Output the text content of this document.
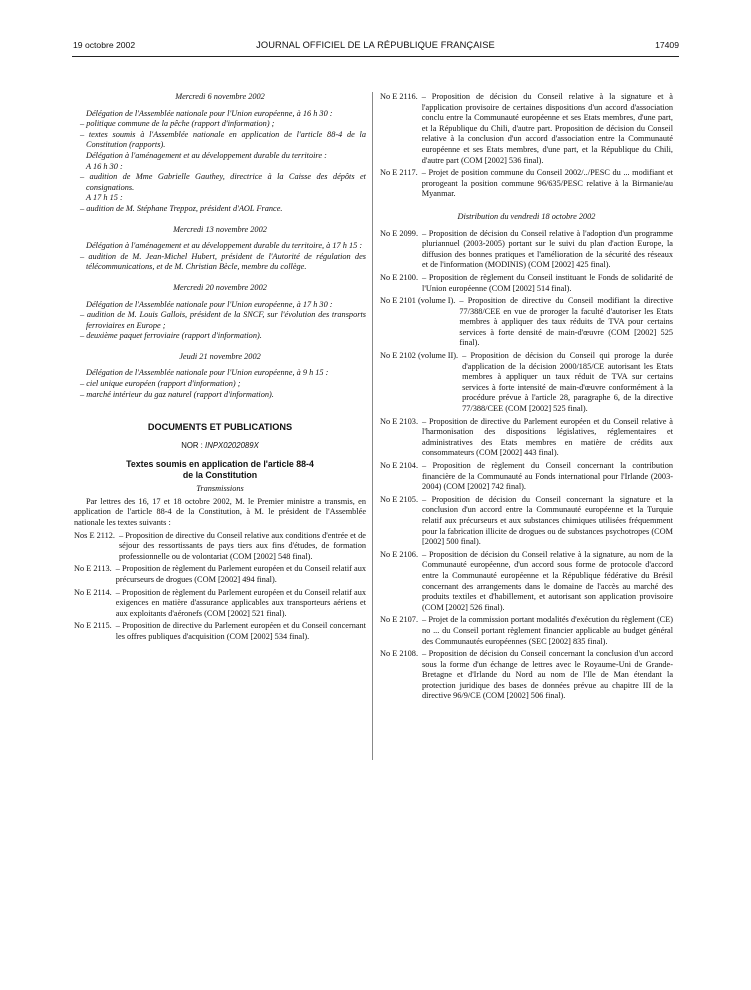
19 octobre 2002	JOURNAL OFFICIEL DE LA RÉPUBLIQUE FRANÇAISE	17409

Mercredi 6 novembre 2002

Délégation de l'Assemblée nationale pour l'Union européenne, à 16 h 30 :

– politique commune de la pêche (rapport d'information) ;

– textes soumis à l'Assemblée nationale en application de l'article 88-4 de la Constitution (rapports).

Délégation à l'aménagement et au développement durable du territoire :

A 16 h 30 :

– audition de Mme Gabrielle Gauthey, directrice à la Caisse des dépôts et consignations.

A 17 h 15 :

– audition de M. Stéphane Treppoz, président d'AOL France.

Mercredi 13 novembre 2002

Délégation à l'aménagement et au développement durable du territoire, à 17 h 15 :

– audition de M. Jean-Michel Hubert, président de l'Autorité de régulation des télécommunications, et de M. Christian Bècle, membre du collège.

Mercredi 20 novembre 2002

Délégation de l'Assemblée nationale pour l'Union européenne, à 17 h 30 :

– audition de M. Louis Gallois, président de la SNCF, sur l'évolution des transports ferroviaires en Europe ;

– deuxième paquet ferroviaire (rapport d'information).

Jeudi 21 novembre 2002

Délégation de l'Assemblée nationale pour l'Union européenne, à 9 h 15 :

– ciel unique européen (rapport d'information) ;

– marché intérieur du gaz naturel (rapport d'information).

DOCUMENTS ET PUBLICATIONS

NOR : INPX0202089X

Textes soumis en application de l'article 88-4

de la Constitution

Transmissions

Par lettres des 16, 17 et 18 octobre 2002, M. le Premier ministre a transmis, en application de l'article 88-4 de la Constitution, à M. le président de l'Assemblée nationale les textes suivants :

Nos E 2112. – Proposition de directive du Conseil relative aux conditions d'entrée et de séjour des ressortissants de pays tiers aux fins d'études, de formation professionnelle ou de volontariat (COM [2002] 548 final).
No E 2113. – Proposition de règlement du Parlement européen et du Conseil relatif aux précurseurs de drogues (COM [2002] 494 final).
No E 2114. – Proposition de règlement du Parlement européen et du Conseil relatif aux exigences en matière d'assurance applicables aux transporteurs aériens et aux exploitants d'aéronefs (COM [2002] 521 final).
No E 2115. – Proposition de directive du Parlement européen et du Conseil concernant les offres publiques d'acquisition (COM [2002] 534 final).
No E 2116. – Proposition de décision du Conseil relative à la signature et à l'application provisoire de certaines dispositions d'un accord d'association conclu entre la Communauté européenne et ses Etats membres, d'une part, et la République du Chili, d'autre part. Proposition de décision du Conseil relative à la conclusion d'un accord d'association entre la Communauté européenne et ses Etats membres, d'une part, et la République du Chili, d'autre part (COM [2002] 536 final).
No E 2117. – Projet de position commune du Conseil 2002/../PESC du ... modifiant et prorogeant la position commune 96/635/PESC relative à la Birmanie/au Myanmar.

Distribution du vendredi 18 octobre 2002

No E 2099. – Proposition de décision du Conseil relative à l'adoption d'un programme pluriannuel (2003-2005) portant sur le suivi du plan d'action Europe, la diffusion des bonnes pratiques et l'amélioration de la sécurité des réseaux et de l'information (MODINIS) (COM [2002] 425 final).
No E 2100. – Proposition de règlement du Conseil instituant le Fonds de solidarité de l'Union européenne (COM [2002] 514 final).
No E 2101 (volume I). – Proposition de directive du Conseil modifiant la directive 77/388/CEE en vue de proroger la faculté d'autoriser les Etats membres à appliquer des taux réduits de TVA pour certains services à forte densité de main-d'œuvre (COM [2002] 525 final).
No E 2102 (volume II). – Proposition de décision du Conseil qui proroge la durée d'application de la décision 2000/185/CE autorisant les Etats membres à appliquer un taux réduit de TVA sur certains services à forte intensité de main-d'œuvre conformément à la procédure prévue à l'article 28, paragraphe 6, de la directive 77/388/CEE (COM [2002] 525 final).
No E 2103. – Proposition de directive du Parlement européen et du Conseil relative à l'harmonisation des dispositions législatives, réglementaires et administratives des Etats membres en matière de crédits aux consommateurs (COM [2002] 443 final).
No E 2104. – Proposition de règlement du Conseil concernant la contribution financière de la Communauté au Fonds international pour l'Irlande (2003-2004) (COM [2002] 742 final).
No E 2105. – Proposition de décision du Conseil concernant la signature et la conclusion d'un accord entre la Communauté européenne et la Turquie relatif aux précurseurs et aux substances chimiques utilisées fréquemment pour la fabrication illicite de drogues ou de substances psychotropes (COM [2002] 500 final).
No E 2106. – Proposition de décision du Conseil relative à la signature, au nom de la Communauté européenne, d'un accord sous forme de protocole d'accord entre la Communauté européenne et la République fédérative du Brésil concernant des arrangements dans le domaine de l'accès au marché des produits textiles et d'habillement, et autorisant son application provisoire (COM [2002] 526 final).
No E 2107. – Projet de la commission portant modalités d'exécution du règlement (CE) no ... du Conseil portant règlement financier applicable au budget général des Communautés européennes (SEC [2002] 835 final).
No E 2108. – Proposition de décision du Conseil concernant la conclusion d'un accord sous la forme d'un échange de lettres avec le Royaume-Uni de Grande-Bretagne et d'Irlande du Nord au nom de l'Ile de Man étendant la protection juridique des bases de données prévue au chapitre III de la directive 96/9/CE (COM [2002] 506 final).
